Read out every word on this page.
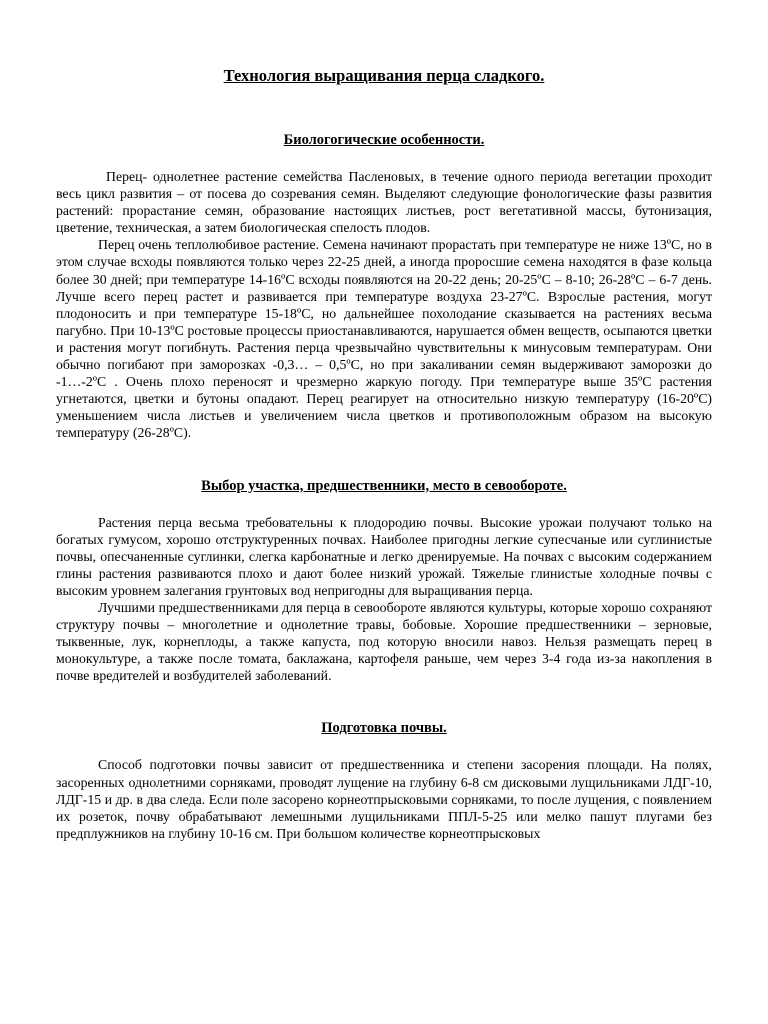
Технология выращивания перца сладкого.
Биологогические особенности.

Перец- однолетнее растение семейства Пасленовых, в течение одного периода вегетации проходит весь цикл развития – от посева до созревания семян. Выделяют следующие фонологические фазы развития растений: прорастание семян, образование настоящих листьев, рост вегетативной массы, бутонизация, цветение, техническая, а затем биологическая спелость плодов.

Перец очень теплолюбивое растение. Семена начинают прорастать при температуре не ниже 13ºС, но в этом случае всходы появляются только через 22-25 дней, а иногда проросшие семена находятся в фазе кольца более 30 дней; при температуре 14-16ºС всходы появляются на 20-22 день; 20-25ºС – 8-10; 26-28ºС – 6-7 день. Лучше всего перец растет и развивается при температуре воздуха 23-27ºС. Взрослые растения, могут плодоносить и при температуре 15-18ºС, но дальнейшее похолодание сказывается на растениях весьма пагубно. При 10-13ºС ростовые процессы приостанавливаются, нарушается обмен веществ, осыпаются цветки и растения могут погибнуть. Растения перца чрезвычайно чувствительны к минусовым температурам. Они обычно погибают при заморозках -0,3… – 0,5ºС, но при закаливании семян выдерживают заморозки до -1…-2ºС . Очень плохо переносят и чрезмерно жаркую погоду. При температуре выше 35ºС растения угнетаются, цветки и бутоны опадают. Перец реагирует на относительно низкую температуру (16-20ºС) уменьшением числа листьев и увеличением числа цветков и противоположным образом на высокую температуру (26-28ºС).

Выбор участка, предшественники, место в севообороте.

Растения перца весьма требовательны к плодородию почвы. Высокие урожаи получают только на богатых гумусом, хорошо отструктуренных почвах. Наиболее пригодны легкие супесчаные или суглинистые почвы, опесчаненные суглинки, слегка карбонатные и легко дренируемые. На почвах с высоким содержанием глины растения развиваются плохо и дают более низкий урожай. Тяжелые глинистые холодные почвы с высоким уровнем залегания грунтовых вод непригодны для выращивания перца.

Лучшими предшественниками для перца в севообороте являются культуры, которые хорошо сохраняют структуру почвы – многолетние и однолетние травы, бобовые. Хорошие предшественники – зерновые, тыквенные, лук, корнеплоды, а также капуста, под которую вносили навоз. Нельзя размещать перец в монокультуре, а также после томата, баклажана, картофеля раньше, чем через 3-4 года из-за накопления в почве вредителей и возбудителей заболеваний.

Подготовка почвы.

Способ подготовки почвы зависит от предшественника и степени засорения площади. На полях, засоренных однолетними сорняками, проводят лущение на глубину 6-8 см дисковыми лущильниками ЛДГ-10, ЛДГ-15 и др. в два следа. Если поле засорено корнеотпрысковыми сорняками, то после лущения, с появлением их розеток, почву обрабатывают лемешными лущильниками ППЛ-5-25 или мелко пашут плугами без предплужников на глубину 10-16 см. При большом количестве корнеотпрысковых
